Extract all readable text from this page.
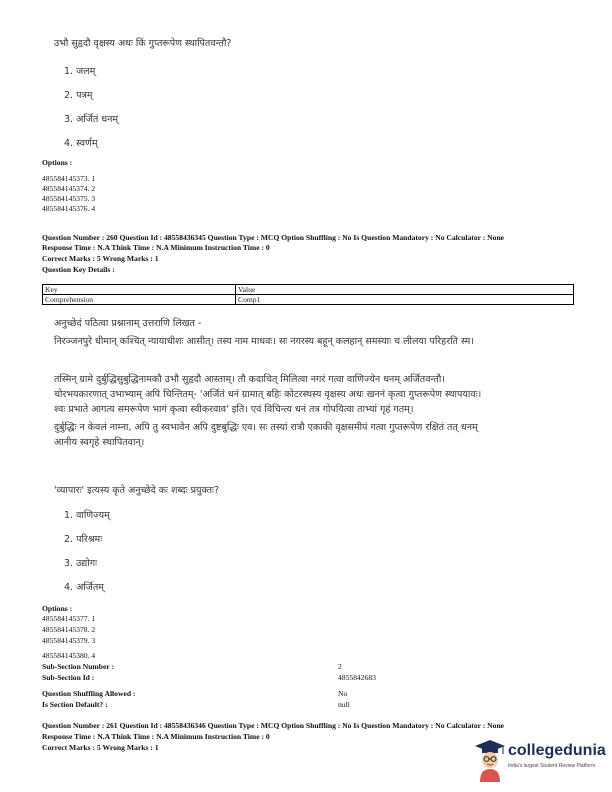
उभौ सुहृदौ वृक्षस्य अधः किं गुप्तरूपेण स्थापितवन्तौ?
1. जलम्
2. पत्रम्
3. अर्जितं धनम्
4. स्वर्णम्
Options :
485584145373. 1
485584145374. 2
485584145375. 3
485584145376. 4
Question Number : 260 Question Id : 48558436345 Question Type : MCQ Option Shuffling : No Is Question Mandatory : No Calculator : None
Response Time : N.A Think Time : N.A Minimum Instruction Time : 0
Correct Marks : 5 Wrong Marks : 1
Question Key Details :
Key	Value
Comprehension	Comp1
अनुच्छेदं पठित्वा प्रश्नानाम् उत्तराणि लिखत -
निरञ्जनपुरे धीमान् कश्चित् न्यायाधीशः आसीत्। तस्य नाम माधवः। सः नगरस्य बहून् कलहान् समस्याः च लीलया परिहरति स्म।
तस्मिन् ग्रामे दुर्बुद्धिसुबुद्धिनामकौ उभौ सुहृदौ आस्ताम्। तौ कदाचित् मिलित्वा नगरं गत्वा वाणिज्येन धनम् अर्जितवन्तौ। चोरभयकारणात् उभाभ्याम् अपि चिन्तितम्- 'अर्जितं धनं ग्रामात् बहिः कोटरस्थस्य वृक्षस्य अधः खननं कृत्वा गुप्तरूपेण स्थापयावः। श्वः प्रभाते आगत्य समरूपेण भागं कृत्वा स्वीकरवाव' इति। एवं विचिन्त्य धनं तत्र गोपयित्वा ताभ्यां गृहं गतम्।
दुर्बुद्धिः न केवलं नाम्ना, अपि तु स्वभावेन अपि दुष्टबुद्धिः एव। सः तस्यां रात्रौ एकाकी वृक्षसमीपं गत्वा गुप्तरूपेण रक्षितं तत् धनम् आनीय स्वगृहे स्थापितवान्।
'व्यापारः' इत्यस्य कृते अनुच्छेदे कः शब्दः प्रयुक्तः?
1. वाणिज्यम्
2. परिश्रमः
3. उद्योगः
4. अर्जितम्
Options :
485584145377. 1
485584145378. 2
485584145379. 3
485584145380. 4
Sub-Section Number :	2
Sub-Section Id :	4855842683
Question Shuffling Allowed :	No
Is Section Default? :	null
Question Number : 261 Question Id : 48558436346 Question Type : MCQ Option Shuffling : No Is Question Mandatory : No Calculator : None
Response Time : N.A Think Time : N.A Minimum Instruction Time : 0
Correct Marks : 5 Wrong Marks : 1	collegedunia
India's largest Student Review Platform
